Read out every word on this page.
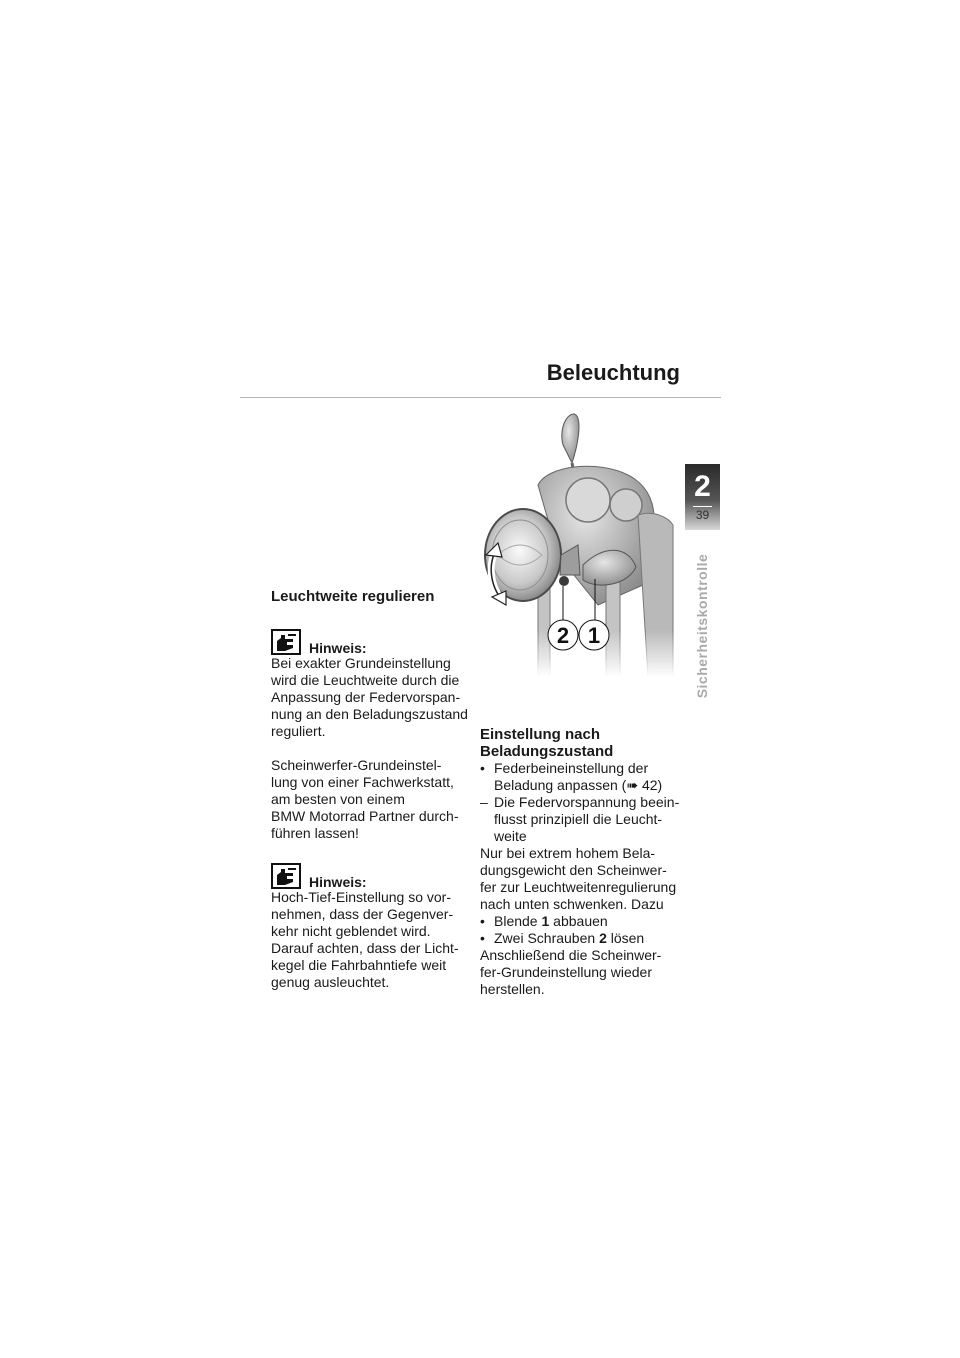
Beleuchtung
2
39
Sicherheitskontrolle
2 1
Leuchtweite regulieren
Hinweis:

Bei exakter Grundeinstellung

wird die Leuchtweite durch die

Anpassung der Federvorspan-

nung an den Beladungszustand

reguliert.

Scheinwerfer-Grundeinstel-

lung von einer Fachwerkstatt,

am besten von einem

BMW Motorrad Partner durch-

führen lassen!

Hinweis:

Hoch-Tief-Einstellung so vor-

nehmen, dass der Gegenver-

kehr nicht geblendet wird.

Darauf achten, dass der Licht-

kegel die Fahrbahntiefe weit

genug ausleuchtet.

Einstellung nach
Beladungszustand
• Federbeineinstellung der
Beladung anpassen (➠ 42)
– Die Federvorspannung beein-
flusst prinzipiell die Leucht-
weite

Nur bei extrem hohem Bela-

dungsgewicht den Scheinwer-

fer zur Leuchtweitenregulierung

nach unten schwenken. Dazu

• Blende 1 abbauen
• Zwei Schrauben 2 lösen

Anschließend die Scheinwer-

fer-Grundeinstellung wieder

herstellen.
